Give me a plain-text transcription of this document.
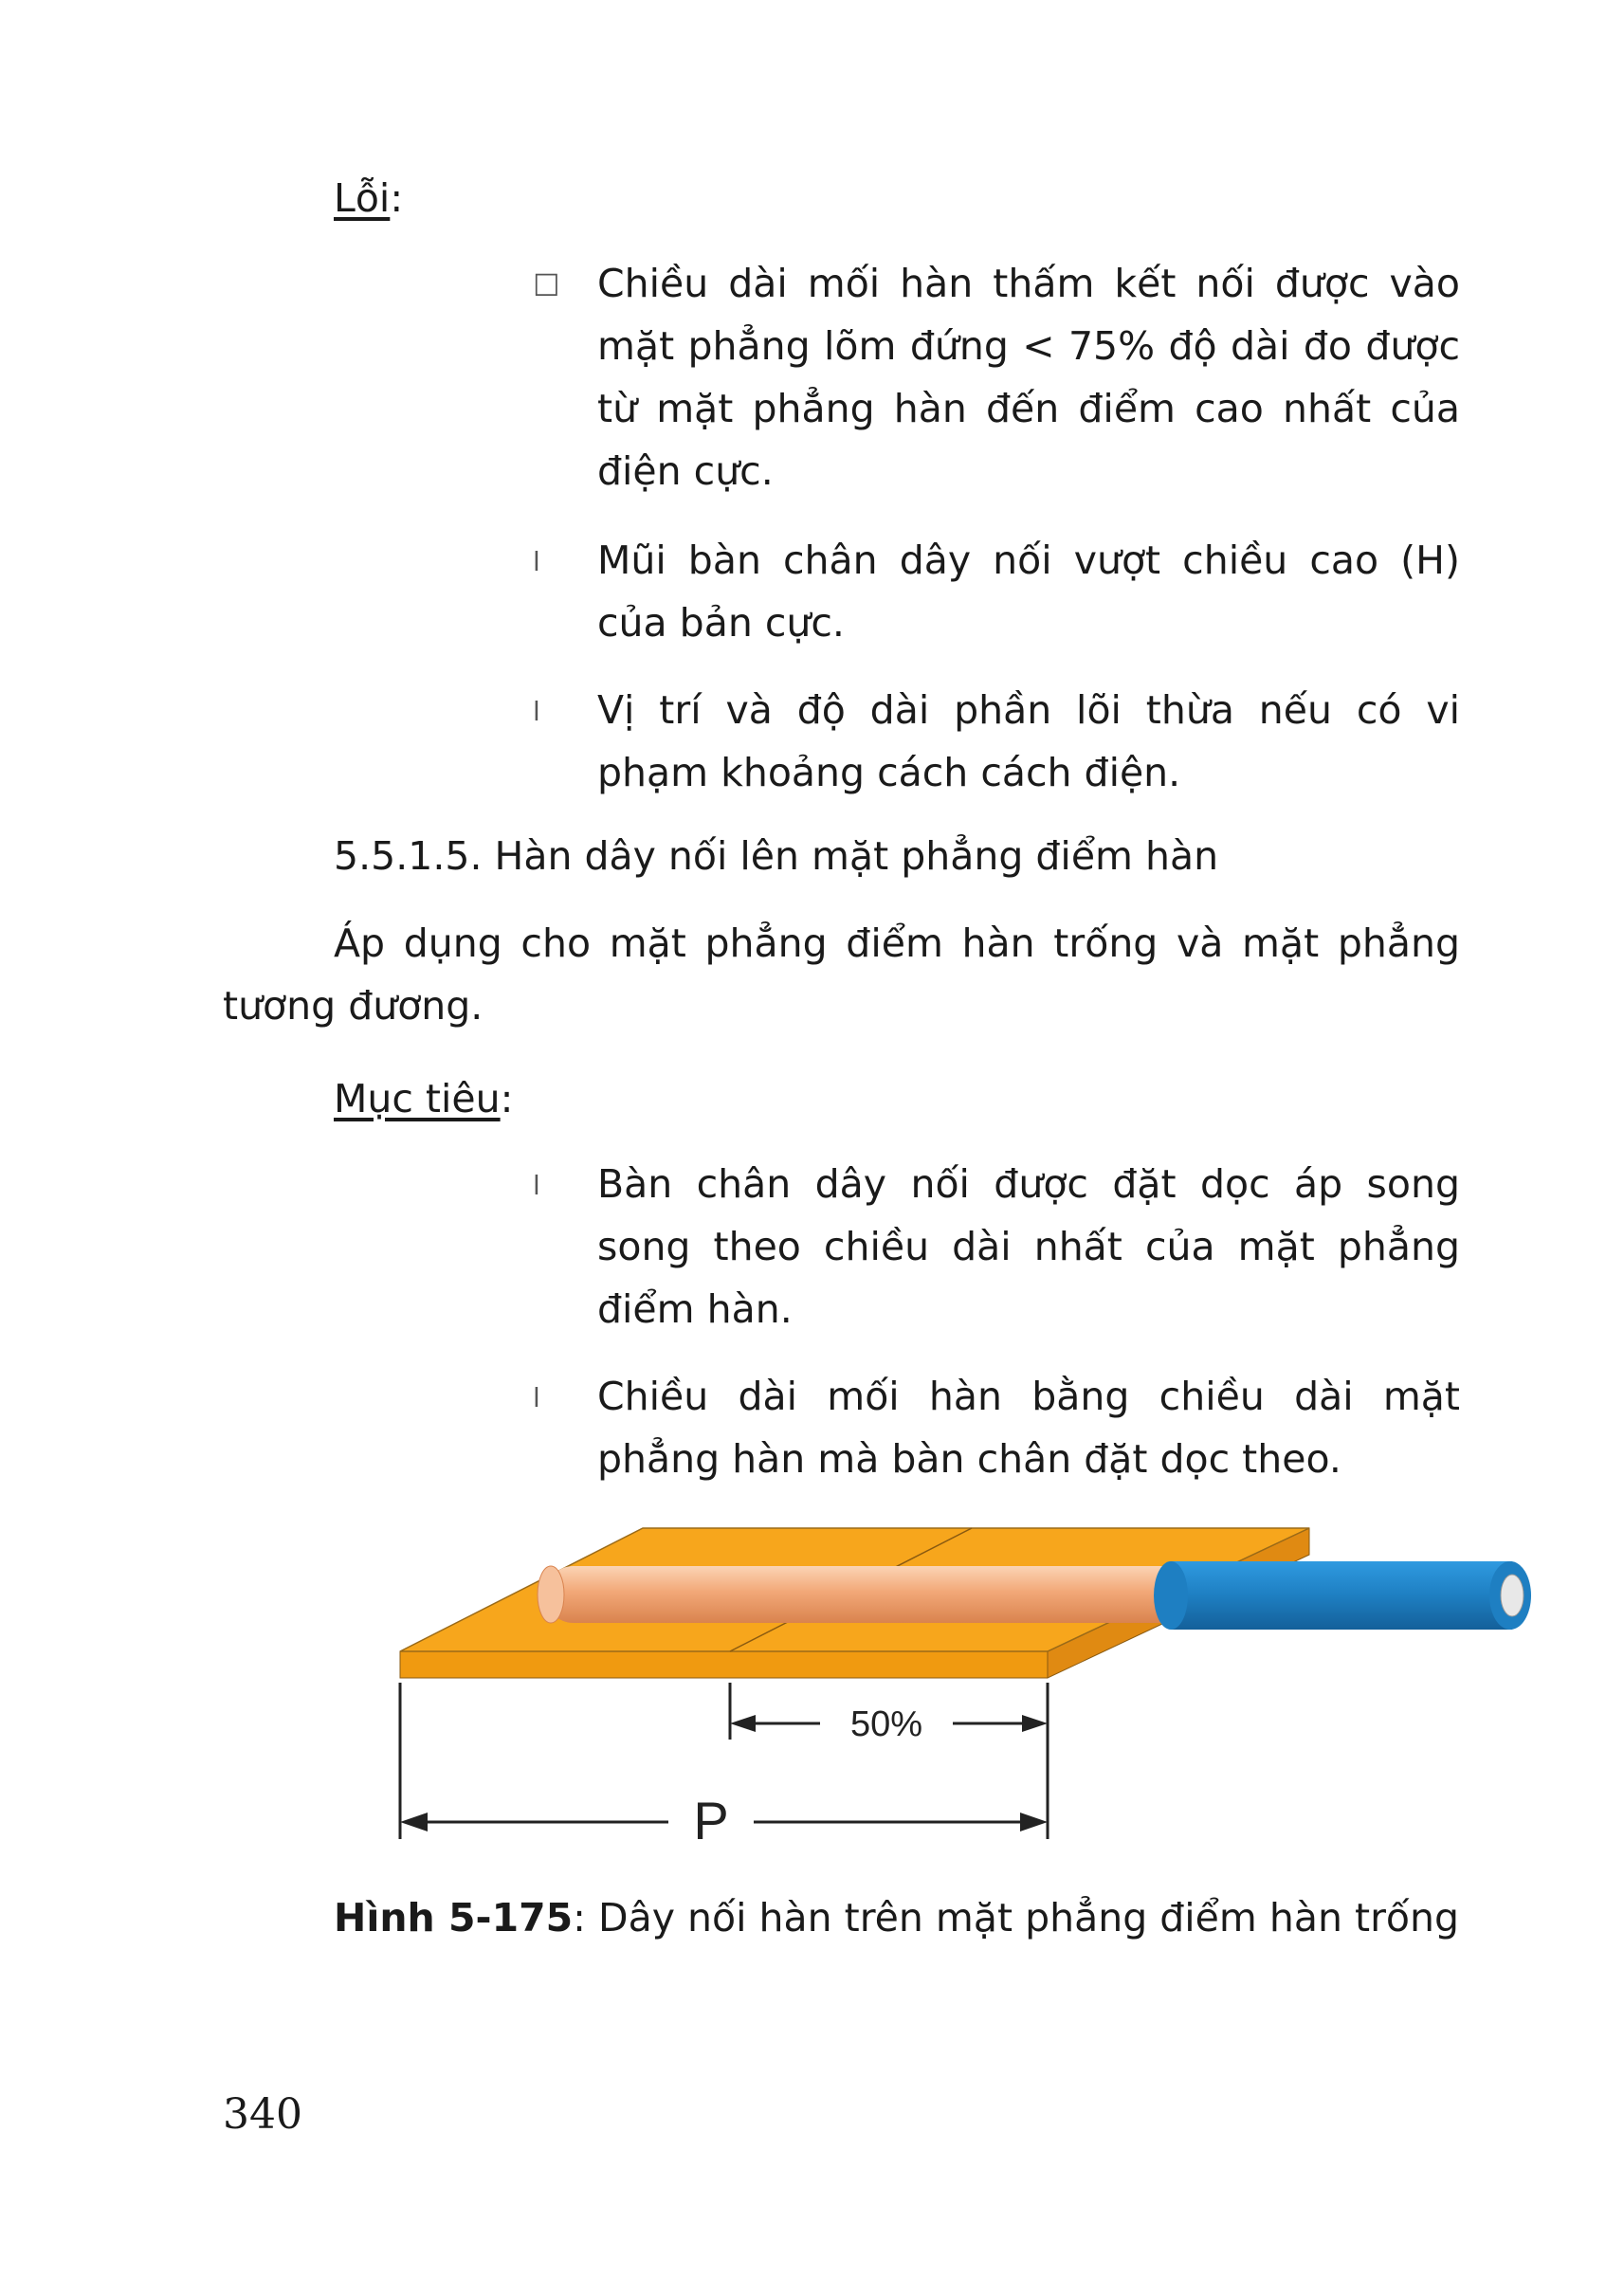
Lỗi:
☐ Chiều dài mối hàn thấm kết nối được vào mặt phẳng lõm đứng < 75% độ dài đo được từ mặt phẳng hàn đến điểm cao nhất của điện cực.
l Mũi bàn chân dây nối vượt chiều cao (H) của bản cực.
l Vị trí và độ dài phần lõi thừa nếu có vi phạm khoảng cách cách điện.
5.5.1.5. Hàn dây nối lên mặt phẳng điểm hàn
Áp dụng cho mặt phẳng điểm hàn trống và mặt phẳng tương đương.
Mục tiêu:
l Bàn chân dây nối được đặt dọc áp song song theo chiều dài nhất của mặt phẳng điểm hàn.
l Chiều dài mối hàn bằng chiều dài mặt phẳng hàn mà bàn chân đặt dọc theo.
50%
P
Hình 5-175: Dây nối hàn trên mặt phẳng điểm hàn trống
340
